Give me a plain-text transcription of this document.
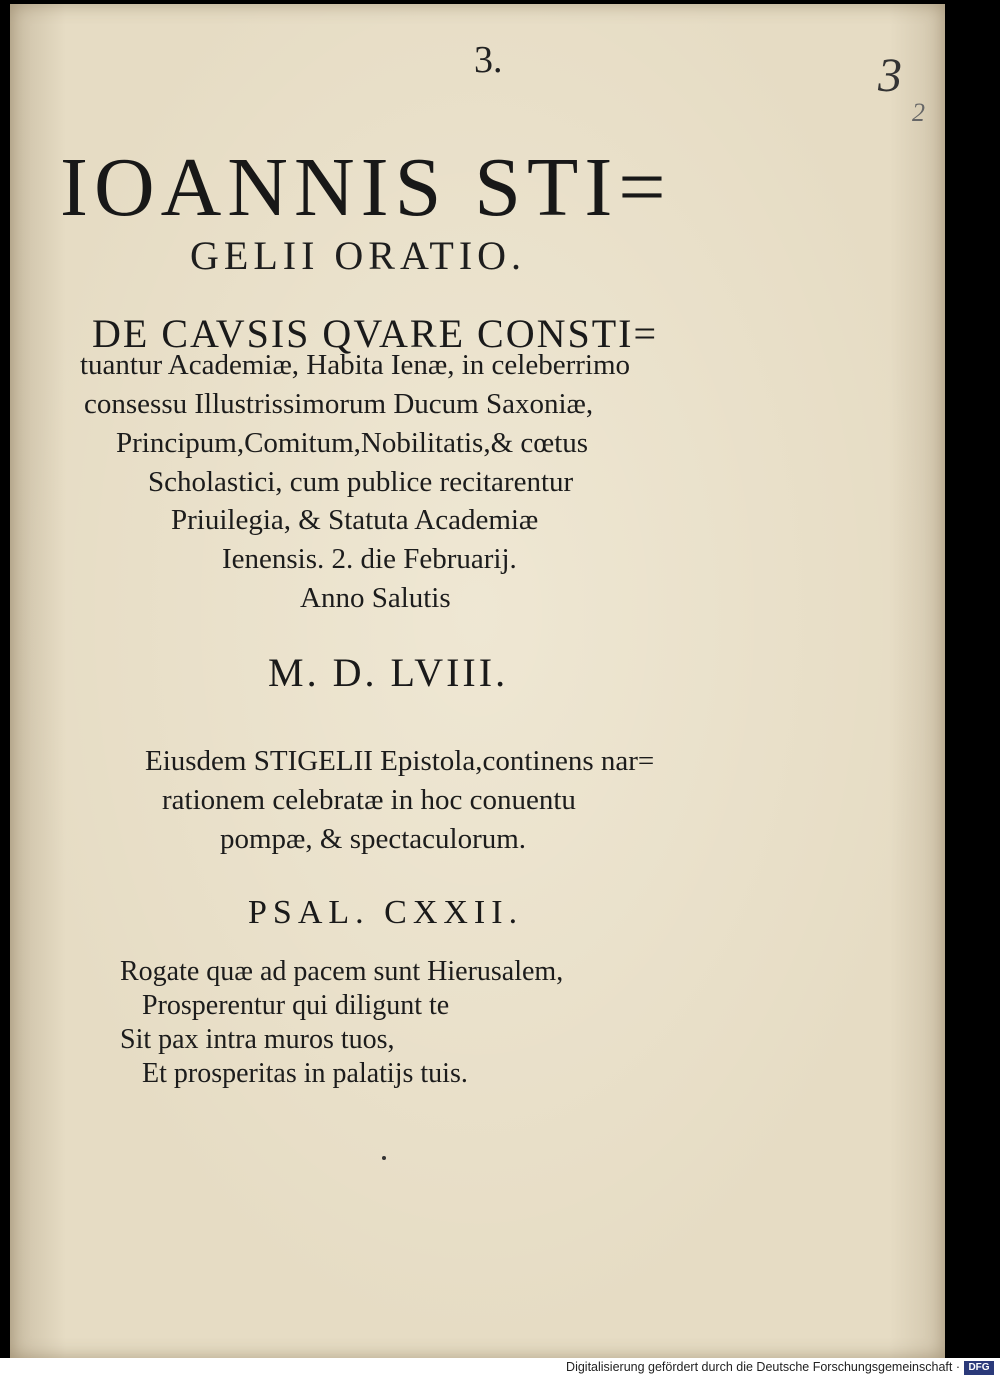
3.	3
2
IOANNIS STI=
GELII ORATIO.
DE CAVSIS QVARE CONSTI=
tuantur Academiæ, Habita Ienæ, in celeberrimo
consessu Illustrissimorum Ducum Saxoniæ,
Principum,Comitum,Nobilitatis,& cœtus
Scholastici, cum publice recitarentur
Priuilegia, & Statuta Academiæ
Ienensis. 2. die Februarij.
Anno Salutis
M. D. LVIII.
Eiusdem STIGELII Epistola,continens nar=
rationem celebratæ in hoc conuentu
pompæ, & spectaculorum.
PSAL. CXXII.
Rogate quæ ad pacem sunt Hierusalem,
Prosperentur qui diligunt te
Sit pax intra muros tuos,
Et prosperitas in palatijs tuis.
Digitalisierung gefördert durch die Deutsche Forschungsgemeinschaft · DFG
